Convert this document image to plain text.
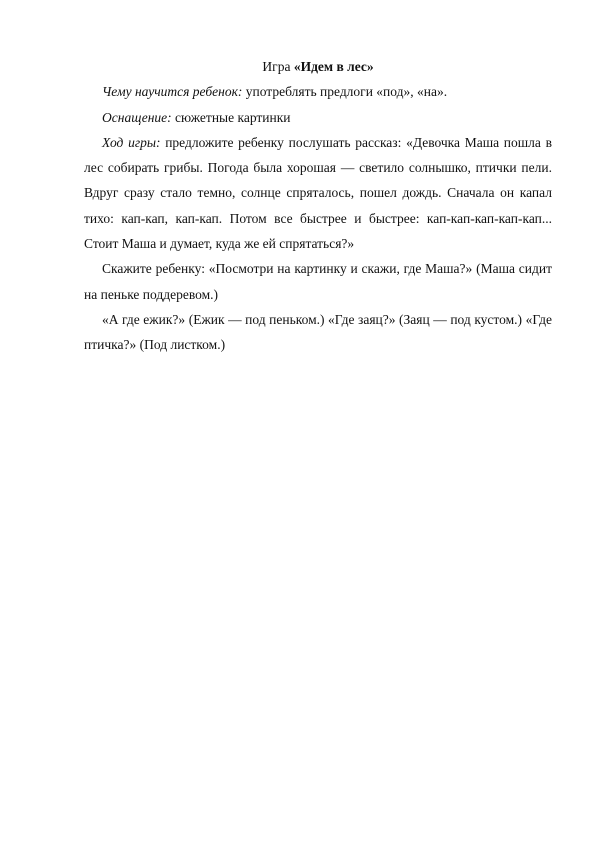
Игра «Идем в лес»

Чему научится ребенок: употреблять предлоги «под», «на».

Оснащение: сюжетные картинки

Ход игры: предложите ребенку послушать рассказ: «Девочка Маша пошла в лес собирать грибы. Погода была хорошая — светило солнышко, птички пели. Вдруг сразу стало темно, солнце спряталось, пошел дождь. Сначала он капал тихо: кап-кап, кап-кап. Потом все быстрее и быстрее: кап-кап-кап-кап-кап... Стоит Маша и думает, куда же ей спрятаться?»

Скажите ребенку: «Посмотри на картинку и скажи, где Маша?» (Маша сидит на пеньке поддеревом.)

«А где ежик?» (Ежик — под пеньком.) «Где заяц?» (Заяц — под кустом.) «Где птичка?» (Под листком.)
